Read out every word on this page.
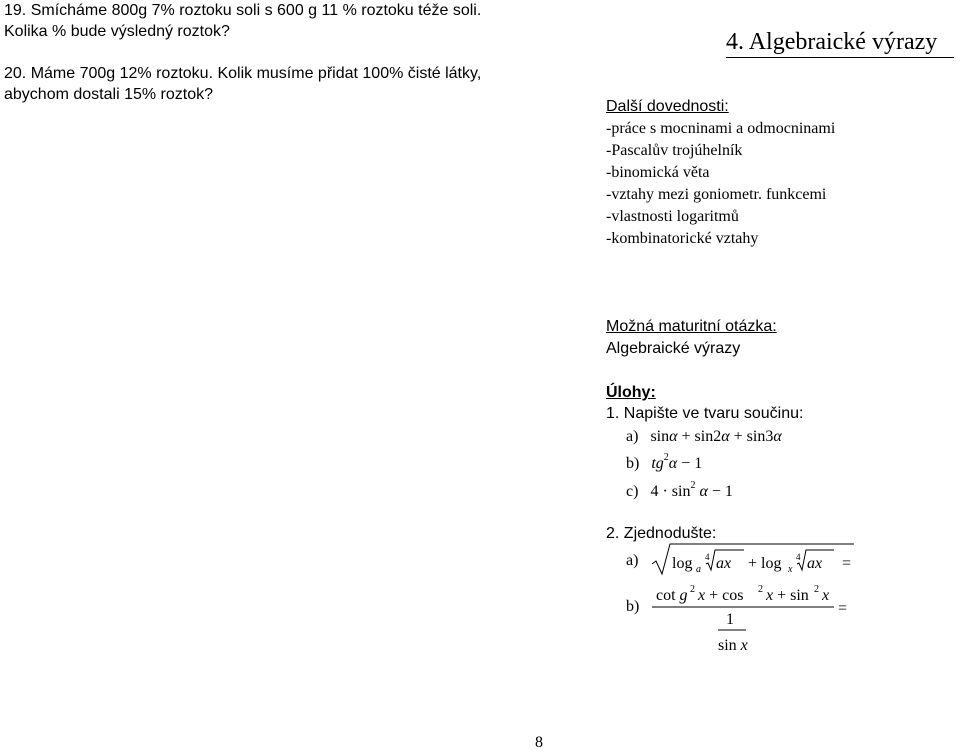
19. Smícháme 800g 7% roztoku soli s 600 g 11 % roztoku téže soli. Kolika % bude výsledný roztok?

20. Máme 700g 12% roztoku. Kolik musíme přidat 100% čisté látky, abychom dostali 15% roztok?

4. Algebraické výrazy
Další dovednosti:
-práce s mocninami a odmocninami
-Pascalův trojúhelník
-binomická věta
-vztahy mezi goniometr. funkcemi
-vlastnosti logaritmů
-kombinatorické vztahy
Možná maturitní otázka:
Algebraické výrazy
Úlohy:
1. Napište ve tvaru součinu:
a)   sinα + sin2α + sin3α
b) $tg^2\alpha - 1$
c)   $4 \cdot \sin^2 \alpha - 1$
2. Zjednodušte:
a) log a
4 ax + log x
4 ax =
b)
cot g 2 x + cos 2 x + sin 2 x
1
sin x
=
8
